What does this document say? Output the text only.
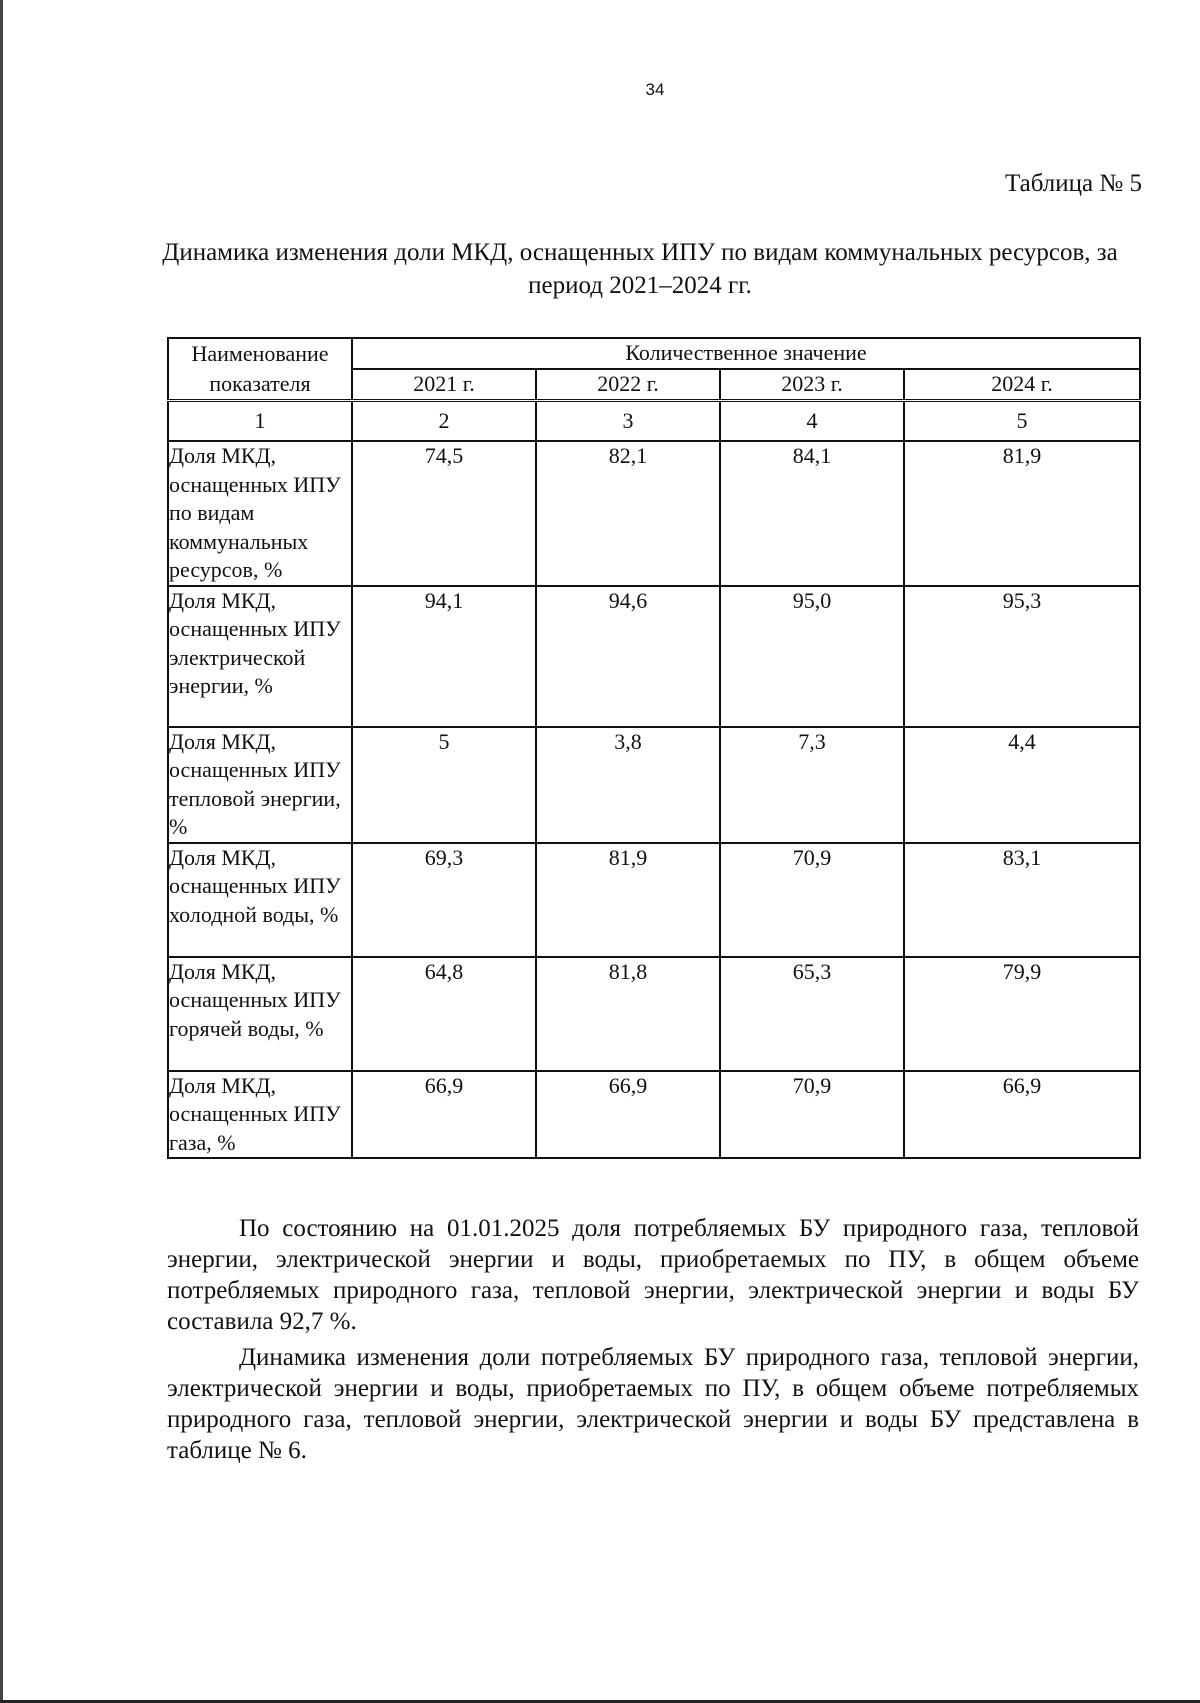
34
Таблица № 5
Динамика изменения доли МКД, оснащенных ИПУ по видам коммунальных ресурсов, за период 2021–2024 гг.
Наименование показателя	Количественное значение			
	2021 г.	2022 г.	2023 г.	2024 г.
1	2	3	4	5
Доля МКД, оснащенных ИПУ по видам коммунальных ресурсов, %	74,5	82,1	84,1	81,9
Доля МКД, оснащенных ИПУ электрической энергии, %	94,1	94,6	95,0	95,3
Доля МКД, оснащенных ИПУ тепловой энергии, %	5	3,8	7,3	4,4
Доля МКД, оснащенных ИПУ холодной воды, %	69,3	81,9	70,9	83,1
Доля МКД, оснащенных ИПУ горячей воды, %	64,8	81,8	65,3	79,9
Доля МКД, оснащенных ИПУ газа, %	66,9	66,9	70,9	66,9

По состоянию на 01.01.2025 доля потребляемых БУ природного газа, тепловой энергии, электрической энергии и воды, приобретаемых по ПУ, в общем объеме потребляемых природного газа, тепловой энергии, электрической энергии и воды БУ составила 92,7 %.

Динамика изменения доли потребляемых БУ природного газа, тепловой энергии, электрической энергии и воды, приобретаемых по ПУ, в общем объеме потребляемых природного газа, тепловой энергии, электрической энергии и воды БУ представлена в таблице № 6.
